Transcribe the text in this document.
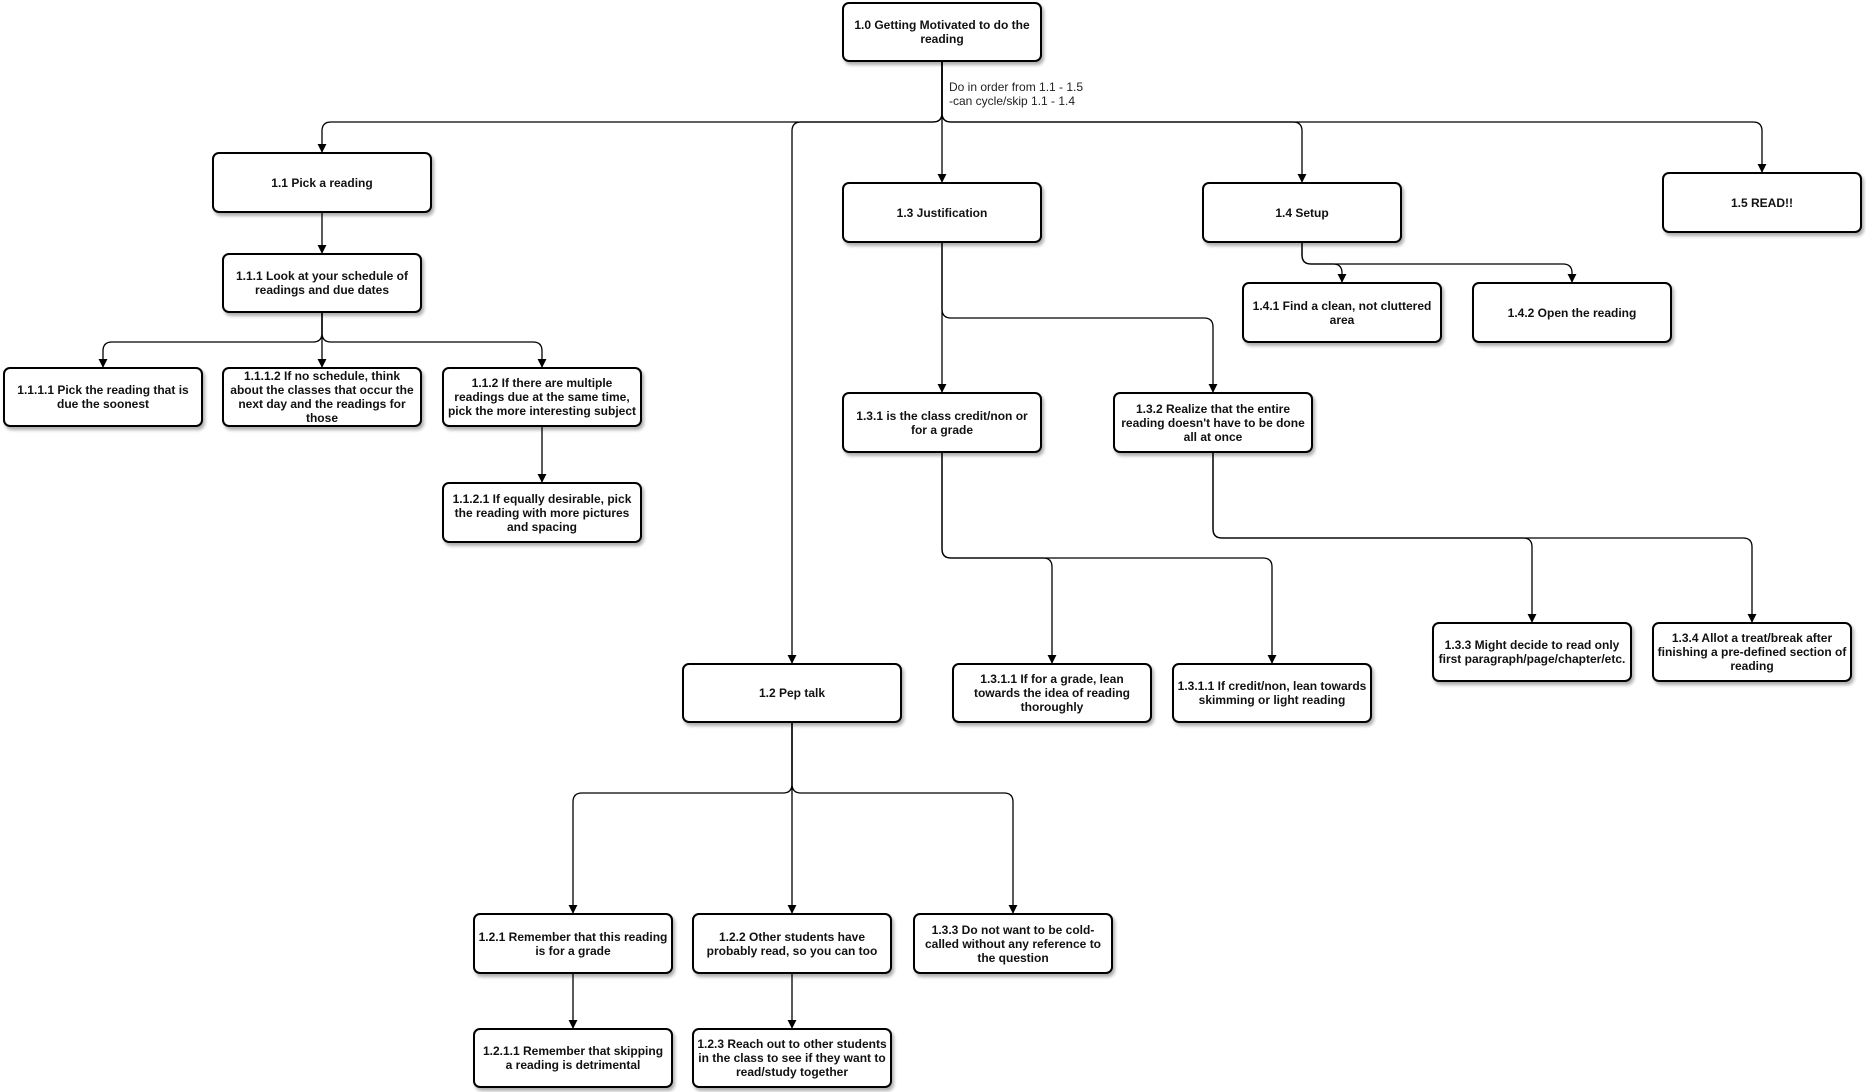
Do in order from 1.1 - 1.5
-can cycle/skip 1.1 - 1.4
1.0 Getting Motivated to do the reading
1.1 Pick a reading
1.1.1 Look at your schedule of readings and due dates
1.1.1.1 Pick the reading that is due the soonest
1.1.1.2 If no schedule, think about the classes that occur the next day and the readings for those
1.1.2 If there are multiple readings due at the same time, pick the more interesting subject
1.1.2.1 If equally desirable, pick the reading with more pictures and spacing
1.2 Pep talk
1.2.1 Remember that this reading is for a grade
1.2.1.1 Remember that skipping a reading is detrimental
1.2.2 Other students have probably read, so you can too
1.2.3 Reach out to other students in the class to see if they want to read/study together
1.3.3 Do not want to be cold-called without any reference to the question
1.3 Justification
1.3.1 is the class credit/non or for a grade
1.3.2 Realize that the entire reading doesn't have to be done all at once
1.3.1.1 If for a grade, lean towards the idea of reading thoroughly
1.3.1.1 If credit/non, lean towards skimming or light reading
1.3.3 Might decide to read only first paragraph/page/chapter/etc.
1.3.4 Allot a treat/break after finishing a pre-defined section of reading
1.4 Setup
1.4.1 Find a clean, not cluttered area	1.4.2 Open the reading
1.5 READ!!
